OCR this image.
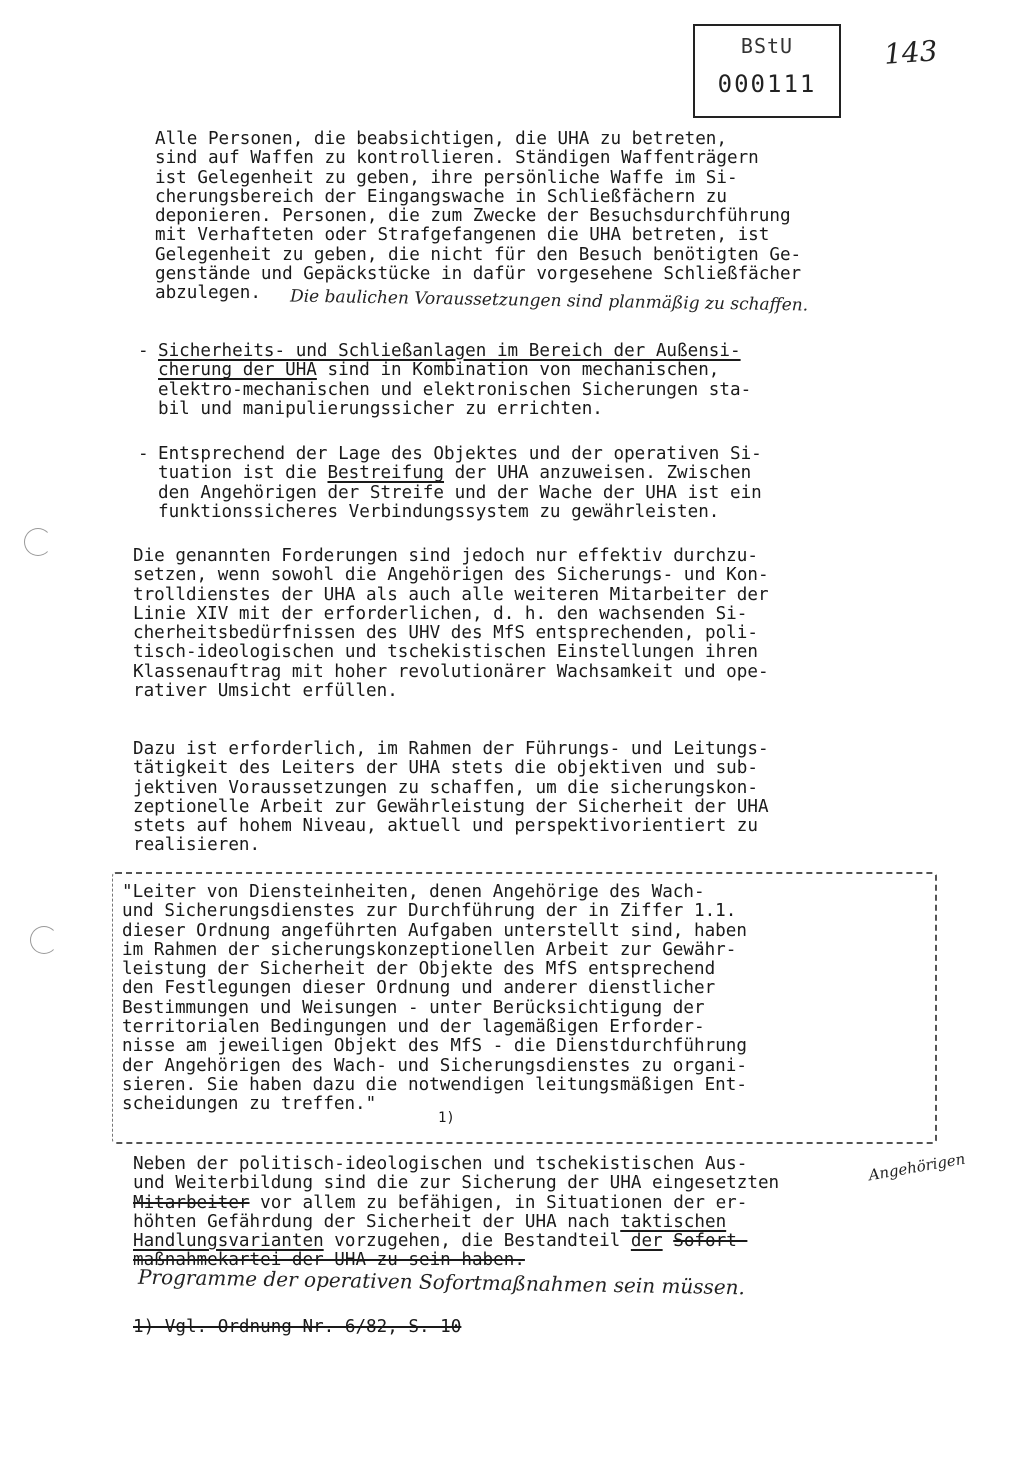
BStU
000111
143
Alle Personen, die beabsichtigen, die UHA zu betreten,
sind auf Waffen zu kontrollieren. Ständigen Waffenträgern
ist Gelegenheit zu geben, ihre persönliche Waffe im Si-
cherungsbereich der Eingangswache in Schließfächern zu
deponieren. Personen, die zum Zwecke der Besuchsdurchführung
mit Verhafteten oder Strafgefangenen die UHA betreten, ist
Gelegenheit zu geben, die nicht für den Besuch benötigten Ge-
genstände und Gepäckstücke in dafür vorgesehene Schließfächer
abzulegen.	Die baulichen Voraussetzungen sind planmäßig zu schaffen.
- Sicherheits- und Schließanlagen im Bereich der Außensi-
cherung der UHA sind in Kombination von mechanischen,
elektro-mechanischen und elektronischen Sicherungen sta-
bil und manipulierungssicher zu errichten.
- Entsprechend der Lage des Objektes und der operativen Si-
tuation ist die Bestreifung der UHA anzuweisen. Zwischen
den Angehörigen der Streife und der Wache der UHA ist ein
funktionssicheres Verbindungssystem zu gewährleisten.
Die genannten Forderungen sind jedoch nur effektiv durchzu-
setzen, wenn sowohl die Angehörigen des Sicherungs- und Kon-
trolldienstes der UHA als auch alle weiteren Mitarbeiter der
Linie XIV mit der erforderlichen, d. h. den wachsenden Si-
cherheitsbedürfnissen des UHV des MfS entsprechenden, poli-
tisch-ideologischen und tschekistischen Einstellungen ihren
Klassenauftrag mit hoher revolutionärer Wachsamkeit und ope-
rativer Umsicht erfüllen.
Dazu ist erforderlich, im Rahmen der Führungs- und Leitungs-
tätigkeit des Leiters der UHA stets die objektiven und sub-
jektiven Voraussetzungen zu schaffen, um die sicherungskon-
zeptionelle Arbeit zur Gewährleistung der Sicherheit der UHA
stets auf hohem Niveau, aktuell und perspektivorientiert zu
realisieren.
"Leiter von Diensteinheiten, denen Angehörige des Wach-
und Sicherungsdienstes zur Durchführung der in Ziffer 1.1.
dieser Ordnung angeführten Aufgaben unterstellt sind, haben
im Rahmen der sicherungskonzeptionellen Arbeit zur Gewähr-
leistung der Sicherheit der Objekte des MfS entsprechend
den Festlegungen dieser Ordnung und anderer dienstlicher
Bestimmungen und Weisungen - unter Berücksichtigung der
territorialen Bedingungen und der lagemäßigen Erforder-
nisse am jeweiligen Objekt des MfS - die Dienstdurchführung
der Angehörigen des Wach- und Sicherungsdienstes zu organi-
sieren. Sie haben dazu die notwendigen leitungsmäßigen Ent-
scheidungen zu treffen."
1)
Neben der politisch-ideologischen und tschekistischen Aus-
und Weiterbildung sind die zur Sicherung der UHA eingesetzten
Mitarbeiter vor allem zu befähigen, in Situationen der er-
höhten Gefährdung der Sicherheit der UHA nach taktischen
Handlungsvarianten vorzugehen, die Bestandteil der Sofort-
maßnahmekartei der UHA zu sein haben.
Angehörigen
Programme der operativen Sofortmaßnahmen sein müssen.
1) Vgl. Ordnung Nr. 6/82, S. 10
